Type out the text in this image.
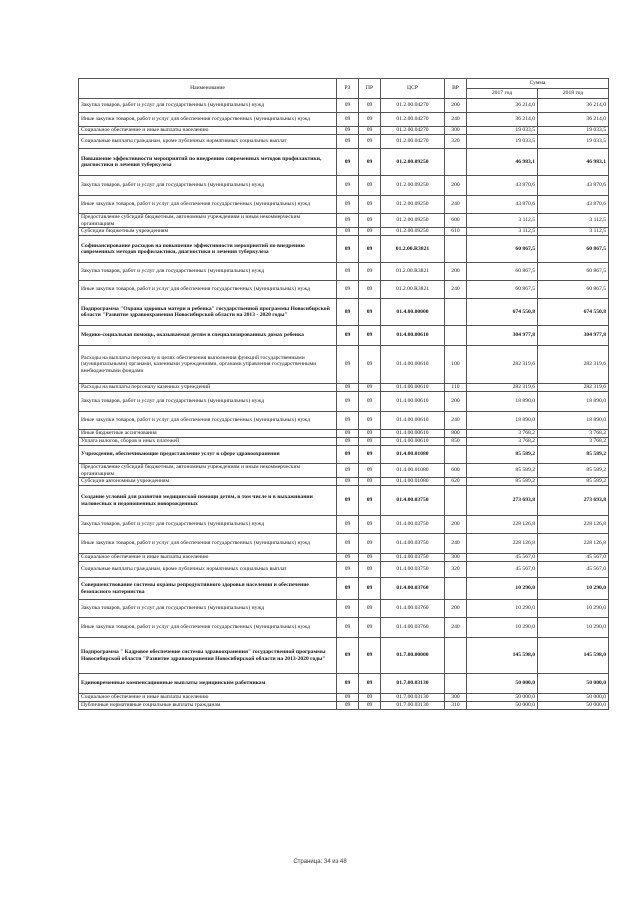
Наименование	РЗ	ПР	ЦСР	ВР	Сумма	
					2017 год	2018 год
Закупка товаров, работ и услуг для государственных (муниципальных) нужд	09	09	01.2.00.04270	200	36 214,0	36 214,0
Иные закупки товаров, работ и услуг для обеспечения государственных (муниципальных) нужд	09	09	01.2.00.04270	240	36 214,0	36 214,0
Социальное обеспечение и иные выплаты населению	09	09	01.2.00.04270	300	19 033,5	19 033,5
Социальные выплаты гражданам, кроме публичных нормативных социальных выплат	09	09	01.2.00.04270	320	19 033,5	19 033,5
Повышение эффективности мероприятий по внедрению современных методов профилактики, диагностики и лечения туберкулеза	09	09	01.2.00.09250		46 983,1	46 983,1
Закупка товаров, работ и услуг для государственных (муниципальных) нужд	09	09	01.2.00.09250	200	43 870,6	43 870,6
Иные закупки товаров, работ и услуг для обеспечения государственных (муниципальных) нужд	09	09	01.2.00.09250	240	43 870,6	43 870,6
Предоставление субсидий бюджетным, автономным учреждениям и иным некоммерческим организациям	09	09	01.2.00.09250	600	3 112,5	3 112,5
Субсидии бюджетным учреждениям	09	09	01.2.00.09250	610	3 112,5	3 112,5
Софинансирование расходов на повышение эффективности мероприятий по внедрению современных методов профилактики, диагностики и лечения туберкулеза	09	09	01.2.00.R3821		60 867,5	60 867,5
Закупка товаров, работ и услуг для государственных (муниципальных) нужд	09	09	01.2.00.R3821	200	60 867,5	60 867,5
Иные закупки товаров, работ и услуг для обеспечения государственных (муниципальных) нужд	09	09	01.2.00.R3821	240	60 867,5	60 867,5
Подпрограмма "Охрана здоровья матери и ребенка" государственной программы Новосибирской области "Развитие здравоохранения Новосибирской области на 2013 - 2020 годы"	09	09	01.4.00.00000		674 550,8	674 550,8
Медико-социальная помощь, оказываемая детям в специализированных домах ребенка	09	09	01.4.00.00610		304 977,8	304 977,8
Расходы на выплаты персоналу в целях обеспечения выполнения функций государственными (муниципальными) органами, казенными учреждениями, органами управления государственными внебюджетными фондами	09	09	01.4.00.00610	100	282 319,6	282 319,6
Расходы на выплаты персоналу казенных учреждений	09	09	01.4.00.00610	110	282 319,6	282 319,6
Закупка товаров, работ и услуг для государственных (муниципальных) нужд	09	09	01.4.00.00610	200	18 890,0	18 890,0
Иные закупки товаров, работ и услуг для обеспечения государственных (муниципальных) нужд	09	09	01.4.00.00610	240	18 890,0	18 890,0
Иные бюджетные ассигнования	09	09	01.4.00.00610	800	3 768,2	3 768,2
Уплата налогов, сборов и иных платежей	09	09	01.4.00.00610	850	3 768,2	3 768,2
Учреждения, обеспечивающие предоставление услуг в сфере здравоохранения	09	09	01.4.00.01080		85 589,2	85 589,2
Предоставление субсидий бюджетным, автономным учреждениям и иным некоммерческим организациям	09	09	01.4.00.01080	600	85 589,2	85 589,2
Субсидии автономным учреждениям	09	09	01.4.00.01080	620	85 589,2	85 589,2
Создание условий для развития медицинской помощи детям, в том числе и в выхаживании маловесных и недоношенных новорожденных	09	09	01.4.00.03750		273 693,8	273 693,8
Закупка товаров, работ и услуг для государственных (муниципальных) нужд	09	09	01.4.00.03750	200	228 126,8	228 126,8
Иные закупки товаров, работ и услуг для обеспечения государственных (муниципальных) нужд	09	09	01.4.00.03750	240	228 126,8	228 126,8
Социальное обеспечение и иные выплаты населению	09	09	01.4.00.03750	300	45 567,0	45 567,0
Социальные выплаты гражданам, кроме публичных нормативных социальных выплат	09	09	01.4.00.03750	320	45 567,0	45 567,0
Совершенствование системы охраны репродуктивного здоровья населения и обеспечение безопасного материнства	09	09	01.4.00.03760		10 290,0	10 290,0
Закупка товаров, работ и услуг для государственных (муниципальных) нужд	09	09	01.4.00.03760	200	10 290,0	10 290,0
Иные закупки товаров, работ и услуг для обеспечения государственных (муниципальных) нужд	09	09	01.4.00.03760	240	10 290,0	10 290,0
Подпрограмма " Кадровое обеспечение системы здравоохранения" государственной программы Новосибирской области "Развитие здравоохранения Новосибирской области на 2013-2020 годы"	09	09	01.7.00.00000		145 598,0	145 598,0
Единовременные компенсационные выплаты медицинским работникам	09	09	01.7.00.03130		50 000,0	50 000,0
Социальное обеспечение и иные выплаты населению	09	09	01.7.00.03130	300	50 000,0	50 000,0
Публичные нормативные социальные выплаты гражданам	09	09	01.7.00.03130	310	50 000,0	50 000,0
Страница: 34 из 48
